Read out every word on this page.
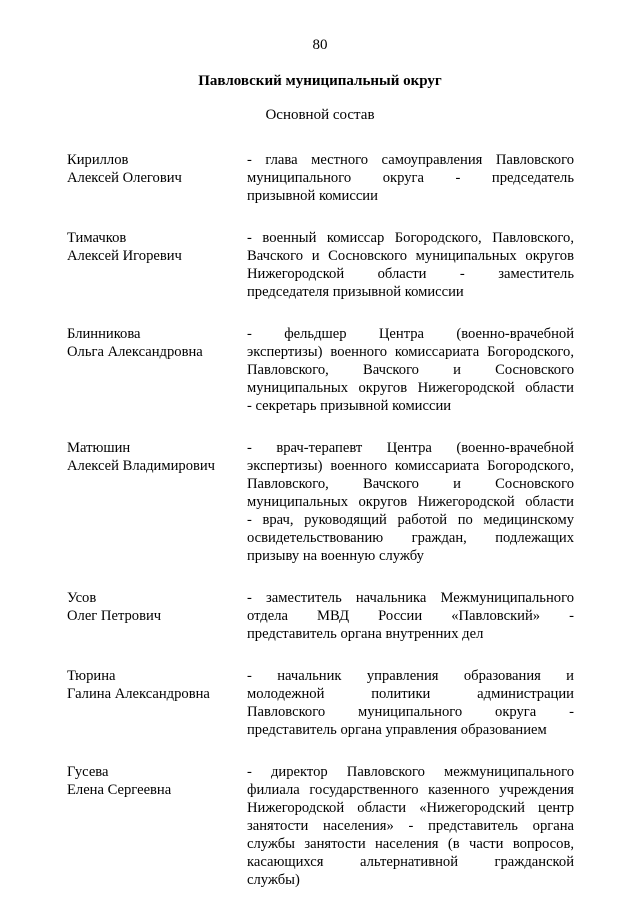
80
Павловский муниципальный округ
Основной состав
Кириллов
Алексей Олегович
- глава местного самоуправления Павловского
муниципального округа - председатель
призывной комиссии
Тимачков
Алексей Игоревич
- военный комиссар Богородского, Павловского,
Вачского и Сосновского муниципальных округов
Нижегородской области - заместитель
председателя призывной комиссии
Блинникова
Ольга Александровна
- фельдшер Центра (военно-врачебной
экспертизы) военного комиссариата Богородского,
Павловского, Вачского и Сосновского
муниципальных округов Нижегородской области
- секретарь призывной комиссии
Матюшин
Алексей Владимирович
- врач-терапевт Центра (военно-врачебной
экспертизы) военного комиссариата Богородского,
Павловского, Вачского и Сосновского
муниципальных округов Нижегородской области
- врач, руководящий работой по медицинскому
освидетельствованию граждан, подлежащих
призыву на военную службу
Усов
Олег Петрович
- заместитель начальника Межмуниципального
отдела МВД России «Павловский» -
представитель органа внутренних дел
Тюрина
Галина Александровна
- начальник управления образования и
молодежной политики администрации
Павловского муниципального округа -
представитель органа управления образованием
Гусева
Елена Сергеевна
- директор Павловского межмуниципального
филиала государственного казенного учреждения
Нижегородской области «Нижегородский центр
занятости населения» - представитель органа
службы занятости населения (в части вопросов,
касающихся альтернативной гражданской
службы)
